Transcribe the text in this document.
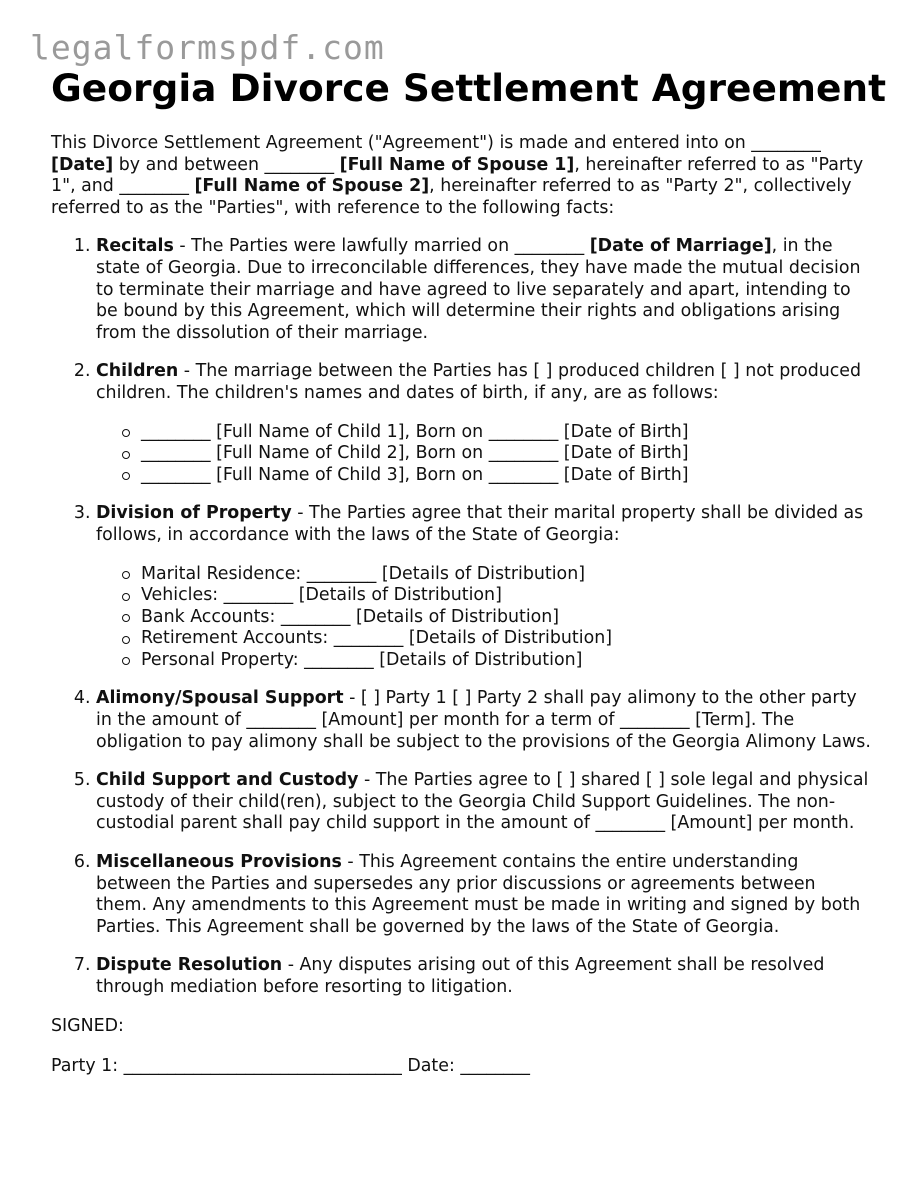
legalformspdf.com
Georgia Divorce Settlement Agreement

This Divorce Settlement Agreement ("Agreement") is made and entered into on ________ [Date] by and between ________ [Full Name of Spouse 1], hereinafter referred to as "Party 1", and ________ [Full Name of Spouse 2], hereinafter referred to as "Party 2", collectively referred to as the "Parties", with reference to the following facts:

1. Recitals - The Parties were lawfully married on ________ [Date of Marriage], in the state of Georgia. Due to irreconcilable differences, they have made the mutual decision to terminate their marriage and have agreed to live separately and apart, intending to be bound by this Agreement, which will determine their rights and obligations arising from the dissolution of their marriage.
2. Children - The marriage between the Parties has [ ] produced children [ ] not produced children. The children's names and dates of birth, if any, are as follows:
________ [Full Name of Child 1], Born on ________ [Date of Birth]
________ [Full Name of Child 2], Born on ________ [Date of Birth]
________ [Full Name of Child 3], Born on ________ [Date of Birth]
3. Division of Property - The Parties agree that their marital property shall be divided as follows, in accordance with the laws of the State of Georgia:
Marital Residence: ________ [Details of Distribution]
Vehicles: ________ [Details of Distribution]
Bank Accounts: ________ [Details of Distribution]
Retirement Accounts: ________ [Details of Distribution]
Personal Property: ________ [Details of Distribution]
4. Alimony/Spousal Support - [ ] Party 1 [ ] Party 2 shall pay alimony to the other party in the amount of ________ [Amount] per month for a term of ________ [Term]. The obligation to pay alimony shall be subject to the provisions of the Georgia Alimony Laws.
5. Child Support and Custody - The Parties agree to [ ] shared [ ] sole legal and physical custody of their child(ren), subject to the Georgia Child Support Guidelines. The non-custodial parent shall pay child support in the amount of ________ [Amount] per month.
6. Miscellaneous Provisions - This Agreement contains the entire understanding between the Parties and supersedes any prior discussions or agreements between them. Any amendments to this Agreement must be made in writing and signed by both Parties. This Agreement shall be governed by the laws of the State of Georgia.
7. Dispute Resolution - Any disputes arising out of this Agreement shall be resolved through mediation before resorting to litigation.

SIGNED:

Party 1: ________________________________ Date: ________
